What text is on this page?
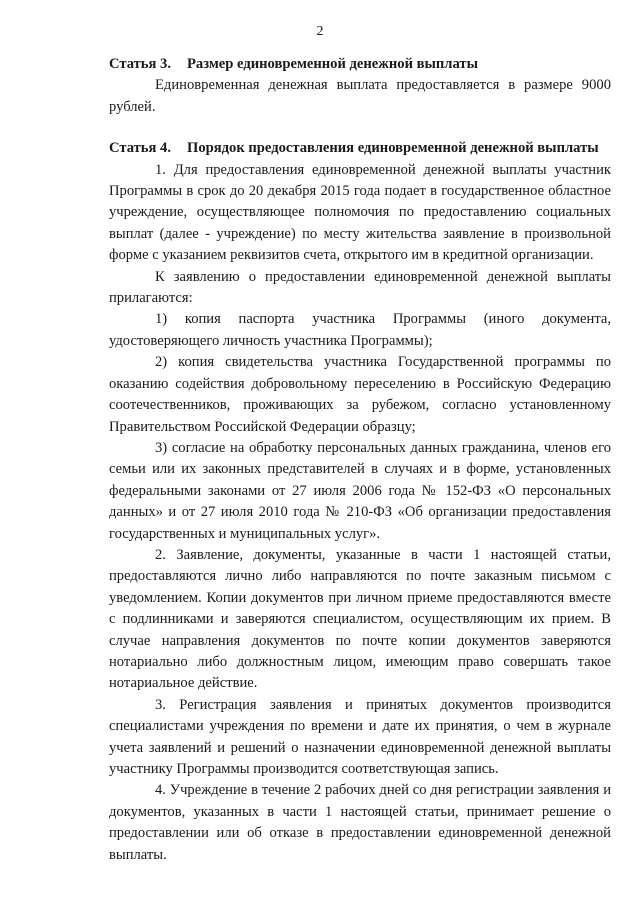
2
Статья 3.	Размер единовременной денежной выплаты

Единовременная денежная выплата предоставляется в размере 9000 рублей.

Статья 4.	Порядок предоставления единовременной денежной выплаты

1. Для предоставления единовременной денежной выплаты участник Программы в срок до 20 декабря 2015 года подает в государственное областное учреждение, осуществляющее полномочия по предоставлению социальных выплат (далее - учреждение) по месту жительства заявление в произвольной форме с указанием реквизитов счета, открытого им в кредитной организации.

К заявлению о предоставлении единовременной денежной выплаты прилагаются:

1) копия паспорта участника Программы (иного документа, удостоверяющего личность участника Программы);

2) копия свидетельства участника Государственной программы по оказанию содействия добровольному переселению в Российскую Федерацию соотечественников, проживающих за рубежом, согласно установленному Правительством Российской Федерации образцу;

3) согласие на обработку персональных данных гражданина, членов его семьи или их законных представителей в случаях и в форме, установленных федеральными законами от 27 июля 2006 года № 152-ФЗ «О персональных данных» и от 27 июля 2010 года № 210-ФЗ «Об организации предоставления государственных и муниципальных услуг».

2. Заявление, документы, указанные в части 1 настоящей статьи, предоставляются лично либо направляются по почте заказным письмом с уведомлением. Копии документов при личном приеме предоставляются вместе с подлинниками и заверяются специалистом, осуществляющим их прием. В случае направления документов по почте копии документов заверяются нотариально либо должностным лицом, имеющим право совершать такое нотариальное действие.

3. Регистрация заявления и принятых документов производится специалистами учреждения по времени и дате их принятия, о чем в журнале учета заявлений и решений о назначении единовременной денежной выплаты участнику Программы производится соответствующая запись.

4. Учреждение в течение 2 рабочих дней со дня регистрации заявления и документов, указанных в части 1 настоящей статьи, принимает решение о предоставлении или об отказе в предоставлении единовременной денежной выплаты.
